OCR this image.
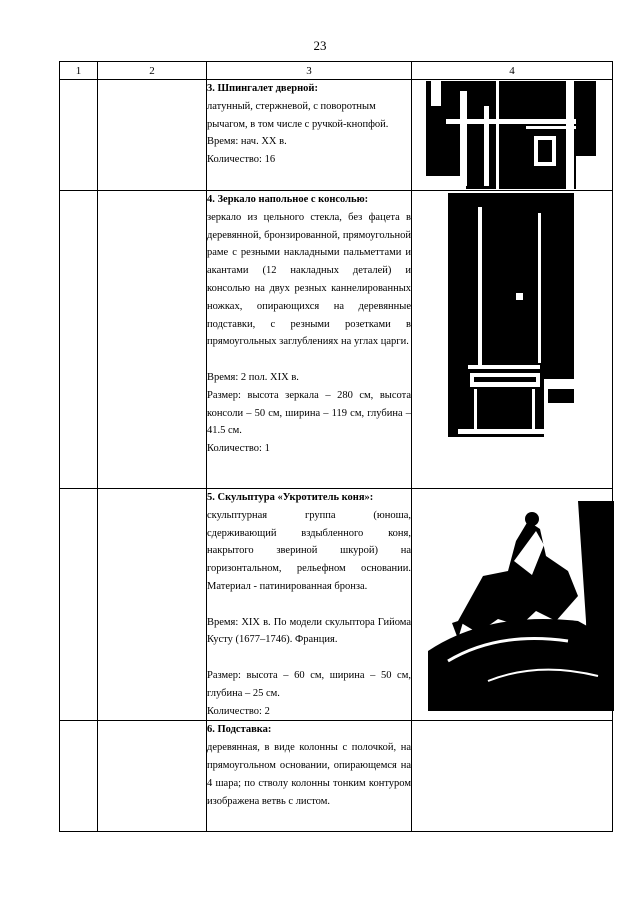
23
1	2	3	4

		3. Шпингалет дверной:
латунный, стержневой, с поворотным рычагом, в том числе с ручкой-кнопфой.
Время: нач. XX в.
Количество: 16

		4. Зеркало напольное с консолью:
зеркало из цельного стекла, без фацета в деревянной, бронзированной, прямоугольной раме с резными накладными пальметтами и акантами (12 накладных деталей) и консолью на двух резных каннелированных ножках, опирающихся на деревянные подставки, с резными розетками в прямоугольных заглублениях на углах царги.
Время: 2 пол. XIX в.
Размер: высота зеркала – 280 см, высота консоли – 50 см, ширина – 119 см, глубина – 41.5 см.
Количество: 1

		5. Скульптура «Укротитель коня»:
скульптурная группа (юноша, сдерживающий вздыбленного коня, накрытого звериной шкурой) на горизонтальном, рельефном основании. Материал - патинированная бронза.
Время: XIX в. По модели скульптора Гийома Кусту (1677–1746). Франция.
Размер: высота – 60 см, ширина – 50 см, глубина – 25 см.
Количество: 2

		6. Подставка:
деревянная, в виде колонны с полочкой, на прямоугольном основании, опирающемся на 4 шара; по стволу колонны тонким контуром изображена ветвь с листом.	
